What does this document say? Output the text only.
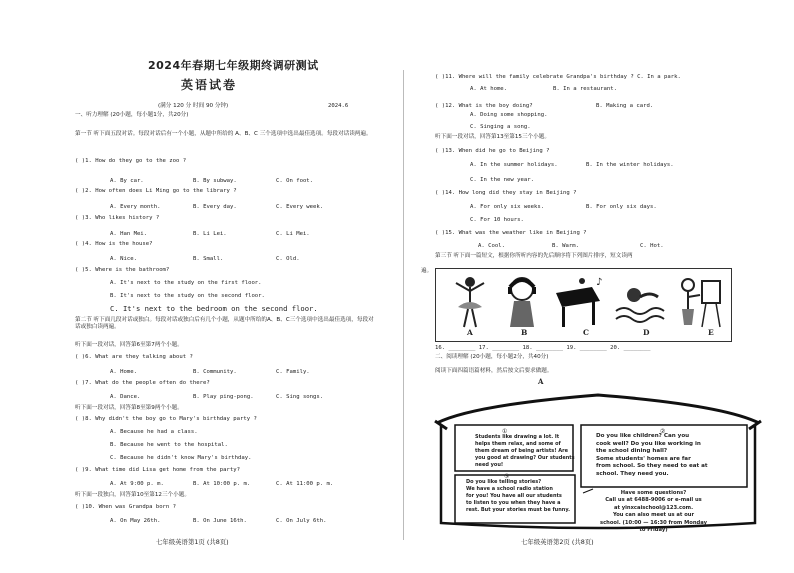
2024年春期七年级期终调研测试
英语试卷
(满分 120 分 时间 90 分钟)	2024.6
一、听力理解 (20小题，每小题1分，共20分)
第一节 听下面五段对话。每段对话后有一个小题，从题中所给的 A、B、C 三个选项中选出最佳选项。每段对话读两遍。
( )1. How do they go to the zoo ?
A. By car.	B. By subway.	C. On foot.
( )2. How often does Li Ming go to the library ?
A. Every month.	B. Every day.	C. Every week.
( )3. Who likes history ?
A. Han Mei.	B. Li Lei.	C. Li Mei.
( )4. How is the house?
A. Nice.	B. Small.	C. Old.
( )5. Where is the bathroom?
A. It's next to the study on the first floor.
B. It's next to the study on the second floor.
C. It's next to the bedroom on the second floor.
第二节 听下面几段对话或独白。每段对话或独白后有几个小题，从题中所给的A、B、C三个选项中选出最佳选项，每段对话或独白读两遍。
听下面一段对话，回答第6至第7两个小题。
( )6. What are they talking about ?
A. Home.	B. Community.	C. Family.
( )7. What do the people often do there?
A. Dance.	B. Play ping-pong.	C. Sing songs.
听下面一段对话，回答第8至第9两个小题。
( )8. Why didn't the boy go to Mary's birthday party ?
A. Because he had a class.
B. Because he went to the hospital.
C. Because he didn't know Mary's birthday.
( )9. What time did Lisa get home from the party?
A. At 9:00 p. m.	B. At 10:00 p. m.	C. At 11:00 p. m.
听下面一段独白，回答第10至第12三个小题。
( )10. When was Grandpa born ?
A. On May 26th.	B. On June 16th.	C. On July 6th.
七年级英语第1页 (共8页)
( )11. Where will the family celebrate Grandpa's birthday ? C. In a park.
A. At home.	B. In a restaurant.
( )12. What is the boy doing?	B. Making a card.
A. Doing some shopping.
C. Singing a song.
听下面一段对话，回答第13至第15三个小题。
( )13. When did he go to Beijing ?
A. In the summer holidays.	B. In the winter holidays.
C. In the new year.
( )14. How long did they stay in Beijing ?
A. For only six weeks.	B. For only six days.
C. For 10 hours.
( )15. What was the weather like in Beijing ?
A. Cool.	B. Warm.	C. Hot.
第三节 听下面一篇短文，根据你所听内容的先后顺序将下列图片排序，短文读两
遍。
♪
A	B	C	D	E
16. ________ 17. ________ 18. ________ 19. ________ 20. ________
二、阅读理解 (20小题，每小题2分，共40分)
阅读下面四篇语篇材料，然后按文后要求做题。
A
①
Students like drawing a lot. It
helps them relax, and some of
them dream of being artists! Are
you good at drawing? Our students
need you!
②
Do you like children? Can you
cook well? Do you like working in
the school dining hall?
Some students' homes are far
from school. So they need to eat at
school. They need you.
③
Do you like telling stories?
We have a school radio station
for you! You have all our students
to listen to you when they have a
rest. But your stories must be funny.
Have some questions?
Call us at 6488-9006 or e-mail us
at yinxcaischool@123.com.
You can also meet us at our
school. (10:00 — 16:30 from Monday
to Friday)
七年级英语第2页 (共8页)
